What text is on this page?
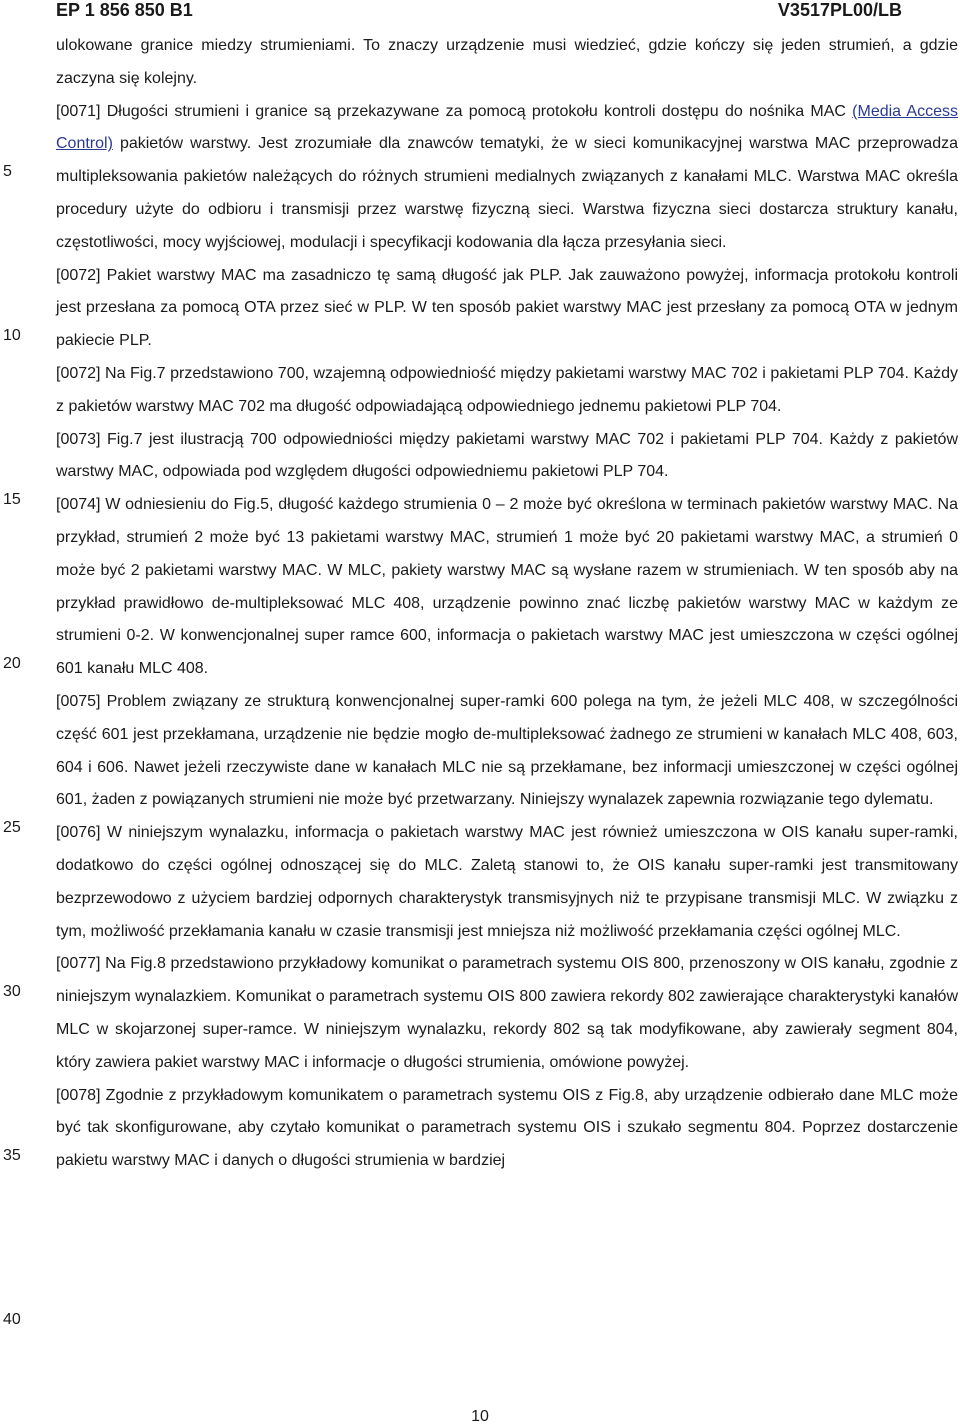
EP 1 856 850 B1	V3517PL00/LB
5
10
15
20
25
30
35
40

ulokowane granice miedzy strumieniami. To znaczy urządzenie musi wiedzieć, gdzie kończy się jeden strumień, a gdzie zaczyna się kolejny.

[0071] Długości strumieni i granice są przekazywane za pomocą protokołu kontroli dostępu do nośnika MAC (Media Access Control) pakietów warstwy. Jest zrozumiałe dla znawców tematyki, że w sieci komunikacyjnej warstwa MAC przeprowadza multipleksowania pakietów należących do różnych strumieni medialnych związanych z kanałami MLC. Warstwa MAC określa procedury użyte do odbioru i transmisji przez warstwę fizyczną sieci. Warstwa fizyczna sieci dostarcza struktury kanału, częstotliwości, mocy wyjściowej, modulacji i specyfikacji kodowania dla łącza przesyłania sieci.

[0072] Pakiet warstwy MAC ma zasadniczo tę samą długość jak PLP. Jak zauważono powyżej, informacja protokołu kontroli jest przesłana za pomocą OTA przez sieć w PLP. W ten sposób pakiet warstwy MAC jest przesłany za pomocą OTA w jednym pakiecie PLP.

[0072] Na Fig.7 przedstawiono 700, wzajemną odpowiedniość między pakietami warstwy MAC 702 i pakietami PLP 704. Każdy z pakietów warstwy MAC 702 ma długość odpowiadającą odpowiedniego jednemu pakietowi PLP 704.

[0073] Fig.7 jest ilustracją 700 odpowiedniości między pakietami warstwy MAC 702 i pakietami PLP 704. Każdy z pakietów warstwy MAC, odpowiada pod względem długości odpowiedniemu pakietowi PLP 704.

[0074] W odniesieniu do Fig.5, długość każdego strumienia 0 – 2 może być określona w terminach pakietów warstwy MAC. Na przykład, strumień 2 może być 13 pakietami warstwy MAC, strumień 1 może być 20 pakietami warstwy MAC, a strumień 0 może być 2 pakietami warstwy MAC. W MLC, pakiety warstwy MAC są wysłane razem w strumieniach. W ten sposób aby na przykład prawidłowo de-multipleksować MLC 408, urządzenie powinno znać liczbę pakietów warstwy MAC w każdym ze strumieni 0-2. W konwencjonalnej super ramce 600, informacja o pakietach warstwy MAC jest umieszczona w części ogólnej 601 kanału MLC 408.

[0075] Problem związany ze strukturą konwencjonalnej super-ramki 600 polega na tym, że jeżeli MLC 408, w szczególności część 601 jest przekłamana, urządzenie nie będzie mogło de-multipleksować żadnego ze strumieni w kanałach MLC 408, 603, 604 i 606. Nawet jeżeli rzeczywiste dane w kanałach MLC nie są przekłamane, bez informacji umieszczonej w części ogólnej 601, żaden z powiązanych strumieni nie może być przetwarzany. Niniejszy wynalazek zapewnia rozwiązanie tego dylematu.

[0076] W niniejszym wynalazku, informacja o pakietach warstwy MAC jest również umieszczona w OIS kanału super-ramki, dodatkowo do części ogólnej odnoszącej się do MLC. Zaletą stanowi to, że OIS kanału super-ramki jest transmitowany bezprzewodowo z użyciem bardziej odpornych charakterystyk transmisyjnych niż te przypisane transmisji MLC. W związku z tym, możliwość przekłamania kanału w czasie transmisji jest mniejsza niż możliwość przekłamania części ogólnej MLC.

[0077] Na Fig.8 przedstawiono przykładowy komunikat o parametrach systemu OIS 800, przenoszony w OIS kanału, zgodnie z niniejszym wynalazkiem. Komunikat o parametrach systemu OIS 800 zawiera rekordy 802 zawierające charakterystyki kanałów MLC w skojarzonej super-ramce. W niniejszym wynalazku, rekordy 802 są tak modyfikowane, aby zawierały segment 804, który zawiera pakiet warstwy MAC i informacje o długości strumienia, omówione powyżej.

[0078] Zgodnie z przykładowym komunikatem o parametrach systemu OIS z Fig.8, aby urządzenie odbierało dane MLC może być tak skonfigurowane, aby czytało komunikat o parametrach systemu OIS i szukało segmentu 804. Poprzez dostarczenie pakietu warstwy MAC i danych o długości strumienia w bardziej

10
